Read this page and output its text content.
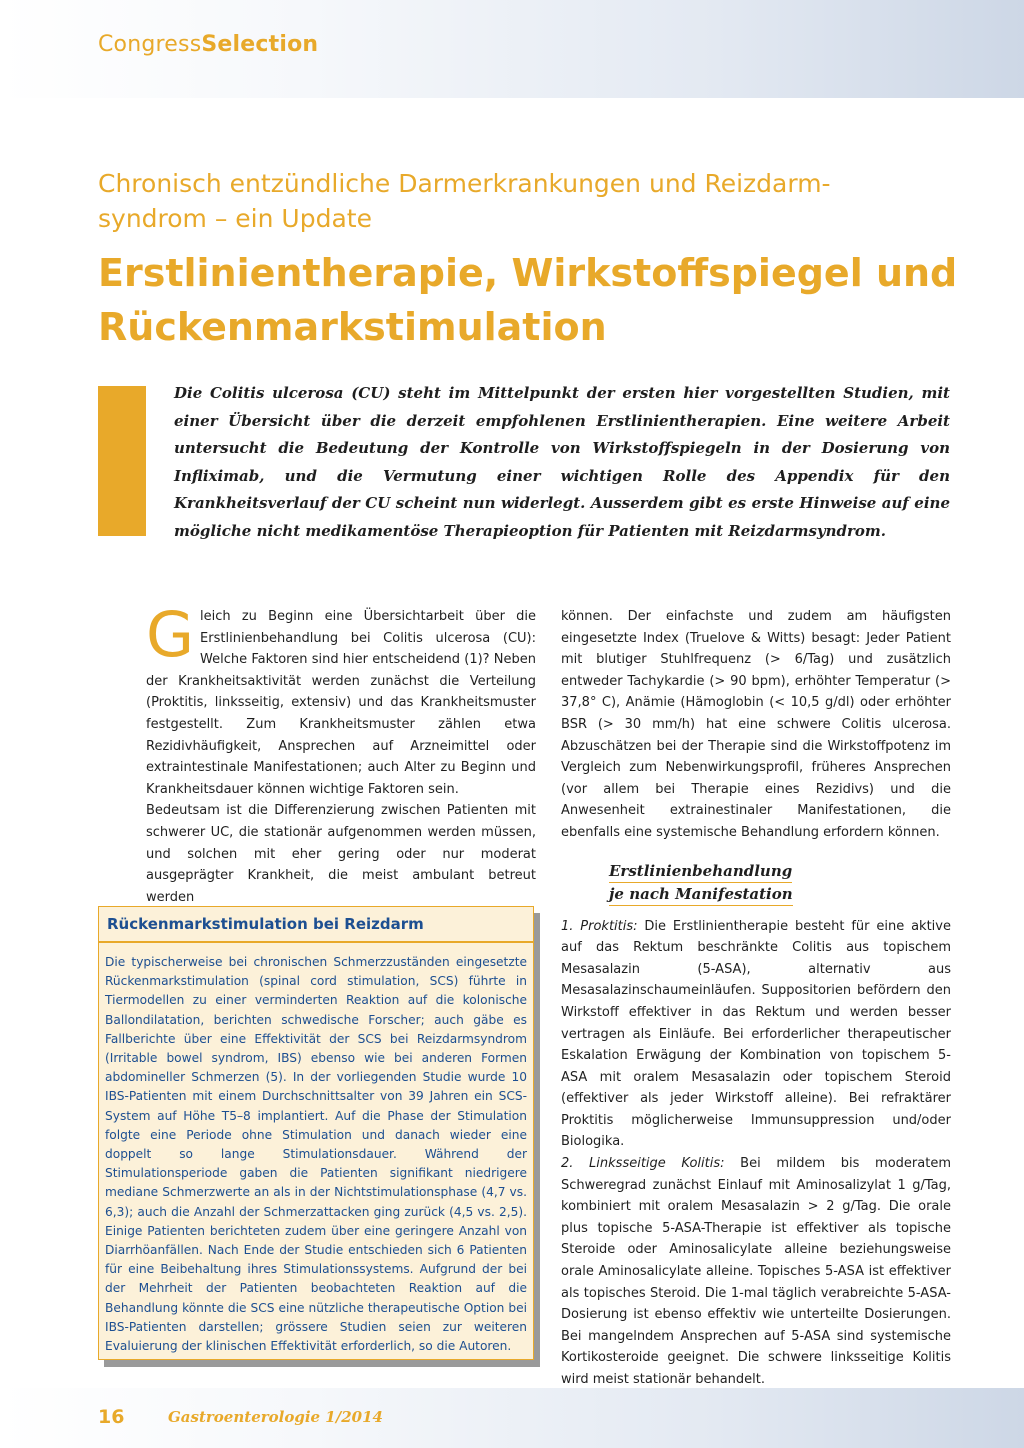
CongressSelection
Chronisch entzündliche Darmerkrankungen und Reizdarm-syndrom – ein Update
Erstlinientherapie, Wirkstoffspiegel und Rückenmarkstimulation

Die Colitis ulcerosa (CU) steht im Mittelpunkt der ersten hier vorgestellten Studien, mit einer Übersicht über die derzeit empfohlenen Erstlinientherapien. Eine weitere Arbeit untersucht die Bedeutung der Kontrolle von Wirkstoffspiegeln in der Dosierung von Infliximab, und die Vermutung einer wichtigen Rolle des Appendix für den Krankheitsverlauf der CU scheint nun widerlegt. Ausserdem gibt es erste Hinweise auf eine mögliche nicht medikamentöse Therapieoption für Patienten mit Reizdarmsyndrom.

G leich zu Beginn eine Übersichtarbeit über die Erstlinienbehandlung bei Colitis ulcerosa (CU): Welche Faktoren sind hier entscheidend (1)? Neben der Krankheitsaktivität werden zunächst die Verteilung (Proktitis, linksseitig, extensiv) und das Krankheitsmuster festgestellt. Zum Krankheitsmuster zählen etwa Rezidivhäufigkeit, Ansprechen auf Arzneimittel oder extraintestinale Manifestationen; auch Alter zu Beginn und Krankheitsdauer können wichtige Faktoren sein.

Bedeutsam ist die Differenzierung zwischen Patienten mit schwerer UC, die stationär aufgenommen werden müssen, und solchen mit eher gering oder nur moderat ausgeprägter Krankheit, die meist ambulant betreut werden

Rückenmarkstimulation bei Reizdarm

Die typischerweise bei chronischen Schmerzzuständen eingesetzte Rückenmarkstimulation (spinal cord stimulation, SCS) führte in Tiermodellen zu einer verminderten Reaktion auf die kolonische Ballondilatation, berichten schwedische Forscher; auch gäbe es Fallberichte über eine Effektivität der SCS bei Reizdarmsyndrom (Irritable bowel syndrom, IBS) ebenso wie bei anderen Formen abdomineller Schmerzen (5). In der vorliegenden Studie wurde 10 IBS-Patienten mit einem Durchschnittsalter von 39 Jahren ein SCS-System auf Höhe T5–8 implantiert. Auf die Phase der Stimulation folgte eine Periode ohne Stimulation und danach wieder eine doppelt so lange Stimulationsdauer. Während der Stimulationsperiode gaben die Patienten signifikant niedrigere mediane Schmerzwerte an als in der Nichtstimulationsphase (4,7 vs. 6,3); auch die Anzahl der Schmerzattacken ging zurück (4,5 vs. 2,5). Einige Patienten berichteten zudem über eine geringere Anzahl von Diarrhöanfällen. Nach Ende der Studie entschieden sich 6 Patienten für eine Beibehaltung ihres Stimulationssystems. Aufgrund der bei der Mehrheit der Patienten beobachteten Reaktion auf die Behandlung könnte die SCS eine nützliche therapeutische Option bei IBS-Patienten darstellen; grössere Studien seien zur weiteren Evaluierung der klinischen Effektivität erforderlich, so die Autoren.

können. Der einfachste und zudem am häufigsten eingesetzte Index (Truelove & Witts) besagt: Jeder Patient mit blutiger Stuhlfrequenz (> 6/Tag) und zusätzlich entweder Tachykardie (> 90 bpm), erhöhter Temperatur (> 37,8° C), Anämie (Hämoglobin (< 10,5 g/dl) oder erhöhter BSR (> 30 mm/h) hat eine schwere Colitis ulcerosa. Abzuschätzen bei der Therapie sind die Wirkstoffpotenz im Vergleich zum Nebenwirkungsprofil, früheres Ansprechen (vor allem bei Therapie eines Rezidivs) und die Anwesenheit extrainestinaler Manifestationen, die ebenfalls eine systemische Behandlung erfordern können.

Erstlinienbehandlung
je nach Manifestation

1. Proktitis: Die Erstlinientherapie besteht für eine aktive auf das Rektum beschränkte Colitis aus topischem Mesasalazin (5-ASA), alternativ aus Mesasalazinschaumeinläufen. Suppositorien befördern den Wirkstoff effektiver in das Rektum und werden besser vertragen als Einläufe. Bei erforderlicher therapeutischer Eskalation Erwägung der Kombination von topischem 5-ASA mit oralem Mesasalazin oder topischem Steroid (effektiver als jeder Wirkstoff alleine). Bei refraktärer Proktitis möglicherweise Immunsuppression und/oder Biologika.

2. Linksseitige Kolitis: Bei mildem bis moderatem Schweregrad zunächst Einlauf mit Aminosalizylat 1 g/Tag, kombiniert mit oralem Mesasalazin > 2 g/Tag. Die orale plus topische 5-ASA-Therapie ist effektiver als topische Steroide oder Aminosalicylate alleine beziehungsweise orale Aminosalicylate alleine. Topisches 5-ASA ist effektiver als topisches Steroid. Die 1-mal täglich verabreichte 5-ASA-Dosierung ist ebenso effektiv wie unterteilte Dosierungen. Bei mangelndem Ansprechen auf 5-ASA sind systemische Kortikosteroide geeignet. Die schwere linksseitige Kolitis wird meist stationär behandelt.

16	Gastroenterologie 1/2014
